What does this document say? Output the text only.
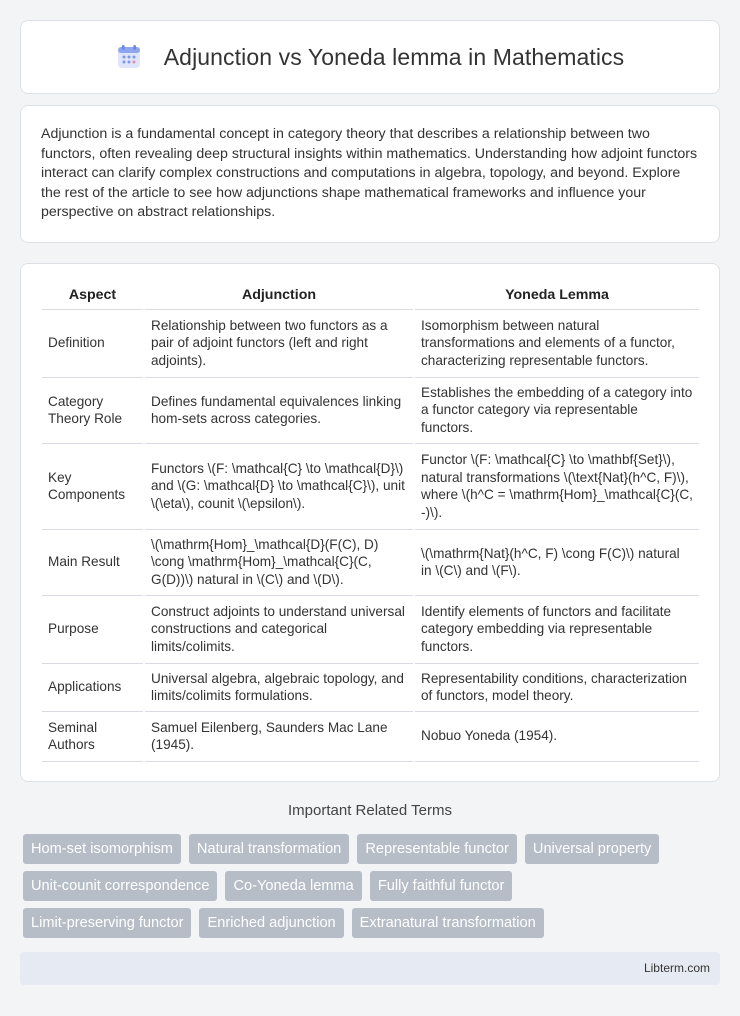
Adjunction vs Yoneda lemma in Mathematics

Adjunction is a fundamental concept in category theory that describes a relationship between two functors, often revealing deep structural insights within mathematics. Understanding how adjoint functors interact can clarify complex constructions and computations in algebra, topology, and beyond. Explore the rest of the article to see how adjunctions shape mathematical frameworks and influence your perspective on abstract relationships.

Aspect	Adjunction	Yoneda Lemma
Definition	Relationship between two functors as a pair of adjoint functors (left and right adjoints).	Isomorphism between natural transformations and elements of a functor, characterizing representable functors.
Category Theory Role	Defines fundamental equivalences linking hom-sets across categories.	Establishes the embedding of a category into a functor category via representable functors.
Key Components	Functors \(F: \mathcal{C} \to \mathcal{D}\) and \(G: \mathcal{D} \to \mathcal{C}\), unit \(\eta\), counit \(\epsilon\).	Functor \(F: \mathcal{C} \to \mathbf{Set}\), natural transformations \(\text{Nat}(h^C, F)\), where \(h^C = \mathrm{Hom}_\mathcal{C}(C, -)\).
Main Result	\(\mathrm{Hom}_\mathcal{D}(F(C), D) \cong \mathrm{Hom}_\mathcal{C}(C, G(D))\) natural in \(C\) and \(D\).	\(\mathrm{Nat}(h^C, F) \cong F(C)\) natural in \(C\) and \(F\).
Purpose	Construct adjoints to understand universal constructions and categorical limits/colimits.	Identify elements of functors and facilitate category embedding via representable functors.
Applications	Universal algebra, algebraic topology, and limits/colimits formulations.	Representability conditions, characterization of functors, model theory.
Seminal Authors	Samuel Eilenberg, Saunders Mac Lane (1945).	Nobuo Yoneda (1954).
Important Related Terms
Hom-set isomorphism	Natural transformation	Representable functor	Universal property
Unit-counit correspondence	Co-Yoneda lemma	Fully faithful functor
Limit-preserving functor	Enriched adjunction	Extranatural transformation
Libterm.com
